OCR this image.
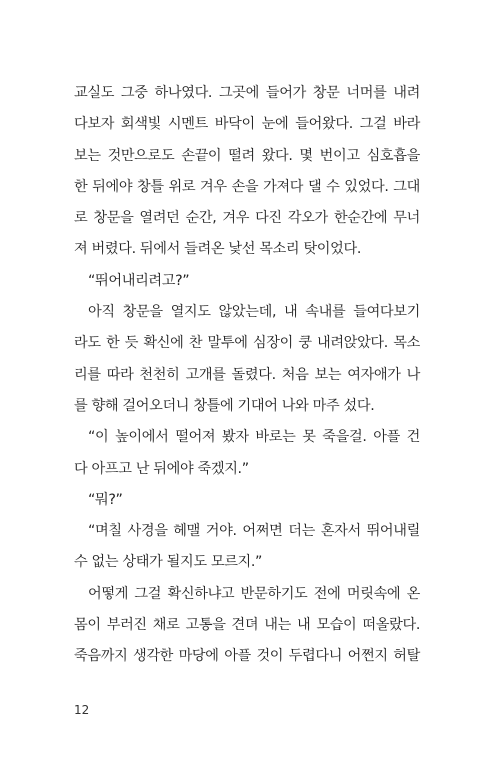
교실도 그중 하나였다. 그곳에 들어가 창문 너머를 내려
다보자 회색빛 시멘트 바닥이 눈에 들어왔다. 그걸 바라
보는 것만으로도 손끝이 떨려 왔다. 몇 번이고 심호흡을
한 뒤에야 창틀 위로 겨우 손을 가져다 댈 수 있었다. 그대
로 창문을 열려던 순간, 겨우 다진 각오가 한순간에 무너
져 버렸다. 뒤에서 들려온 낯선 목소리 탓이었다.
“뛰어내리려고?”
아직 창문을 열지도 않았는데, 내 속내를 들여다보기
라도 한 듯 확신에 찬 말투에 심장이 쿵 내려앉았다. 목소
리를 따라 천천히 고개를 돌렸다. 처음 보는 여자애가 나
를 향해 걸어오더니 창틀에 기대어 나와 마주 섰다.
“이 높이에서 떨어져 봤자 바로는 못 죽을걸. 아플 건
다 아프고 난 뒤에야 죽겠지.”
“뭐?”
“며칠 사경을 헤맬 거야. 어쩌면 더는 혼자서 뛰어내릴
수 없는 상태가 될지도 모르지.”
어떻게 그걸 확신하냐고 반문하기도 전에 머릿속에 온
몸이 부러진 채로 고통을 견뎌 내는 내 모습이 떠올랐다.
죽음까지 생각한 마당에 아플 것이 두렵다니 어쩐지 허탈
12
